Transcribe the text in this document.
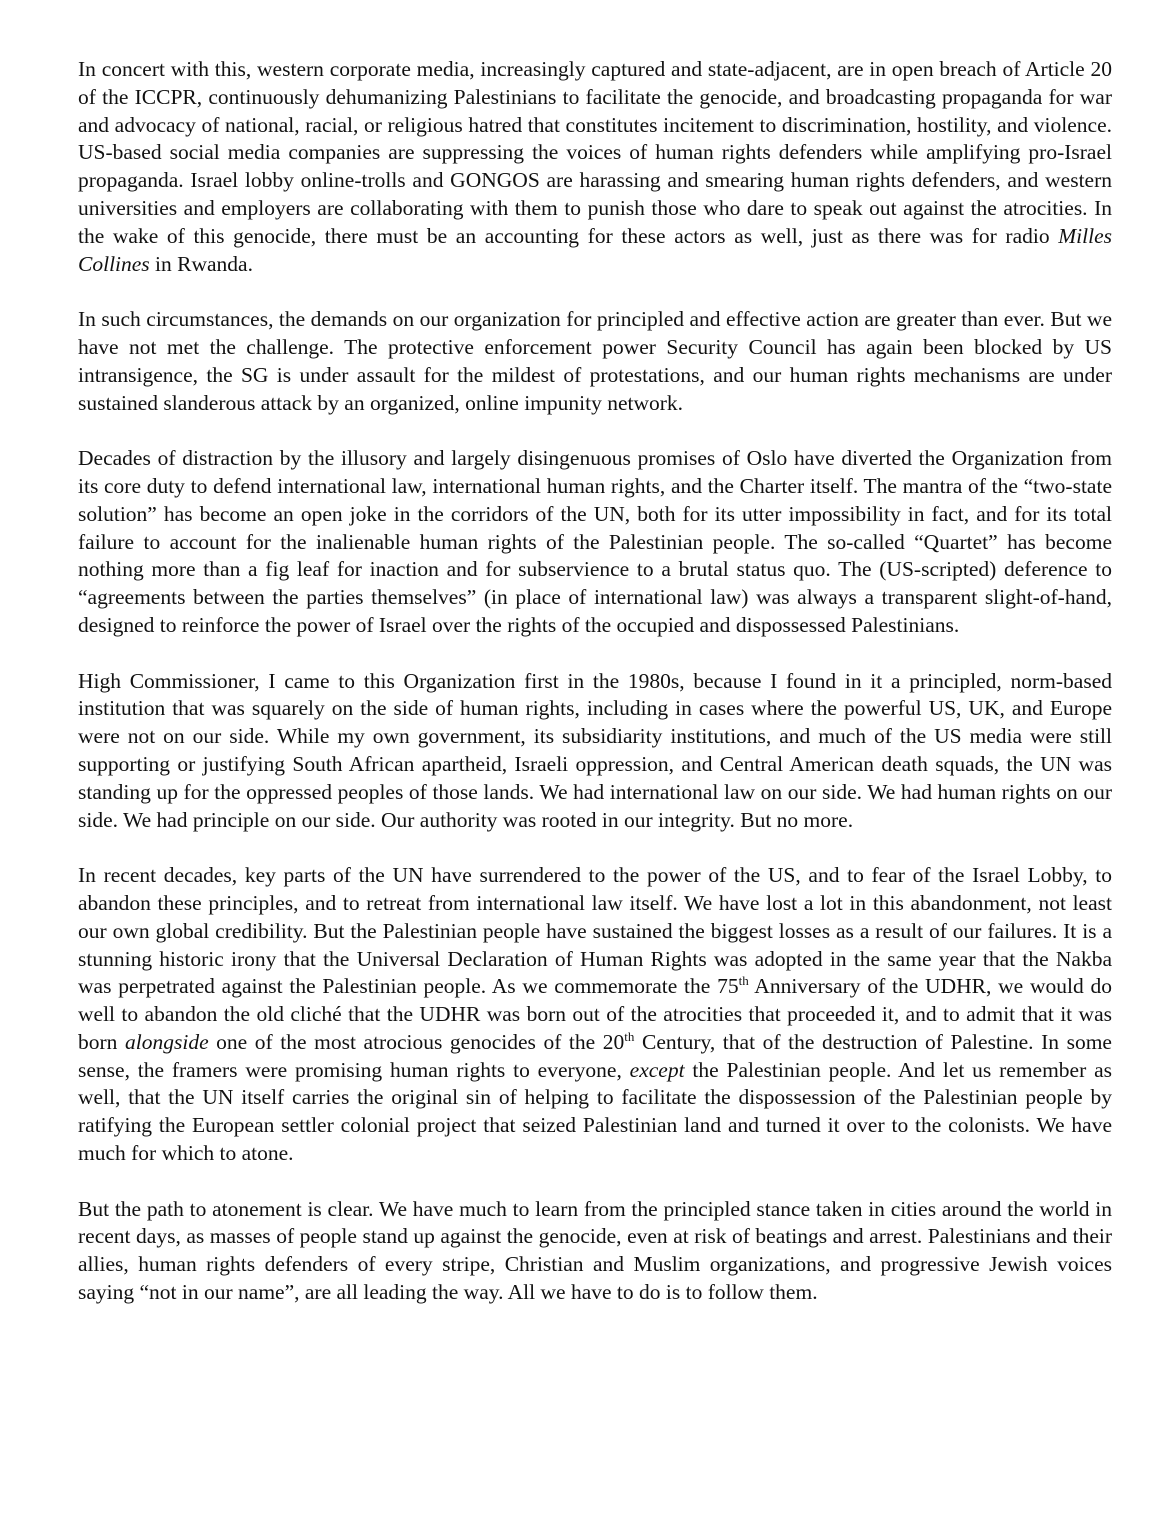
In concert with this, western corporate media, increasingly captured and state-adjacent, are in open breach of Article 20 of the ICCPR, continuously dehumanizing Palestinians to facilitate the genocide, and broadcasting propaganda for war and advocacy of national, racial, or religious hatred that constitutes incitement to discrimination, hostility, and violence. US-based social media companies are suppressing the voices of human rights defenders while amplifying pro-Israel propaganda. Israel lobby online-trolls and GONGOS are harassing and smearing human rights defenders, and western universities and employers are collaborating with them to punish those who dare to speak out against the atrocities. In the wake of this genocide, there must be an accounting for these actors as well, just as there was for radio Milles Collines in Rwanda.

In such circumstances, the demands on our organization for principled and effective action are greater than ever. But we have not met the challenge. The protective enforcement power Security Council has again been blocked by US intransigence, the SG is under assault for the mildest of protestations, and our human rights mechanisms are under sustained slanderous attack by an organized, online impunity network.

Decades of distraction by the illusory and largely disingenuous promises of Oslo have diverted the Organization from its core duty to defend international law, international human rights, and the Charter itself. The mantra of the “two-state solution” has become an open joke in the corridors of the UN, both for its utter impossibility in fact, and for its total failure to account for the inalienable human rights of the Palestinian people. The so-called “Quartet” has become nothing more than a fig leaf for inaction and for subservience to a brutal status quo. The (US-scripted) deference to “agreements between the parties themselves” (in place of international law) was always a transparent slight-of-hand, designed to reinforce the power of Israel over the rights of the occupied and dispossessed Palestinians.

High Commissioner, I came to this Organization first in the 1980s, because I found in it a principled, norm-based institution that was squarely on the side of human rights, including in cases where the powerful US, UK, and Europe were not on our side. While my own government, its subsidiarity institutions, and much of the US media were still supporting or justifying South African apartheid, Israeli oppression, and Central American death squads, the UN was standing up for the oppressed peoples of those lands. We had international law on our side. We had human rights on our side. We had principle on our side. Our authority was rooted in our integrity. But no more.

In recent decades, key parts of the UN have surrendered to the power of the US, and to fear of the Israel Lobby, to abandon these principles, and to retreat from international law itself. We have lost a lot in this abandonment, not least our own global credibility. But the Palestinian people have sustained the biggest losses as a result of our failures. It is a stunning historic irony that the Universal Declaration of Human Rights was adopted in the same year that the Nakba was perpetrated against the Palestinian people. As we commemorate the 75th Anniversary of the UDHR, we would do well to abandon the old cliché that the UDHR was born out of the atrocities that proceeded it, and to admit that it was born alongside one of the most atrocious genocides of the 20th Century, that of the destruction of Palestine. In some sense, the framers were promising human rights to everyone, except the Palestinian people. And let us remember as well, that the UN itself carries the original sin of helping to facilitate the dispossession of the Palestinian people by ratifying the European settler colonial project that seized Palestinian land and turned it over to the colonists. We have much for which to atone.

But the path to atonement is clear. We have much to learn from the principled stance taken in cities around the world in recent days, as masses of people stand up against the genocide, even at risk of beatings and arrest. Palestinians and their allies, human rights defenders of every stripe, Christian and Muslim organizations, and progressive Jewish voices saying “not in our name”, are all leading the way. All we have to do is to follow them.
